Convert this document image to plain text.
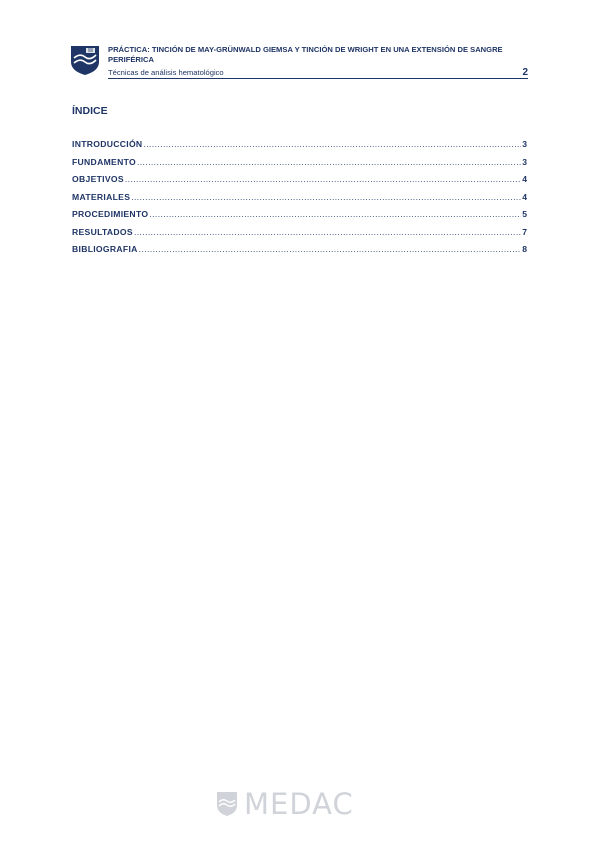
PRÁCTICA: TINCIÓN DE MAY-GRÜNWALD GIEMSA Y TINCIÓN DE WRIGHT EN UNA EXTENSIÓN DE SANGRE PERIFÉRICA
Técnicas de análisis hematológico	2
ÍNDICE
INTRODUCCIÓN .....	3
FUNDAMENTO .....	3
OBJETIVOS .....	4
MATERIALES .....	4
PROCEDIMIENTO .....	5
RESULTADOS .....	7
BIBLIOGRAFIA .....	8
MEDAC
